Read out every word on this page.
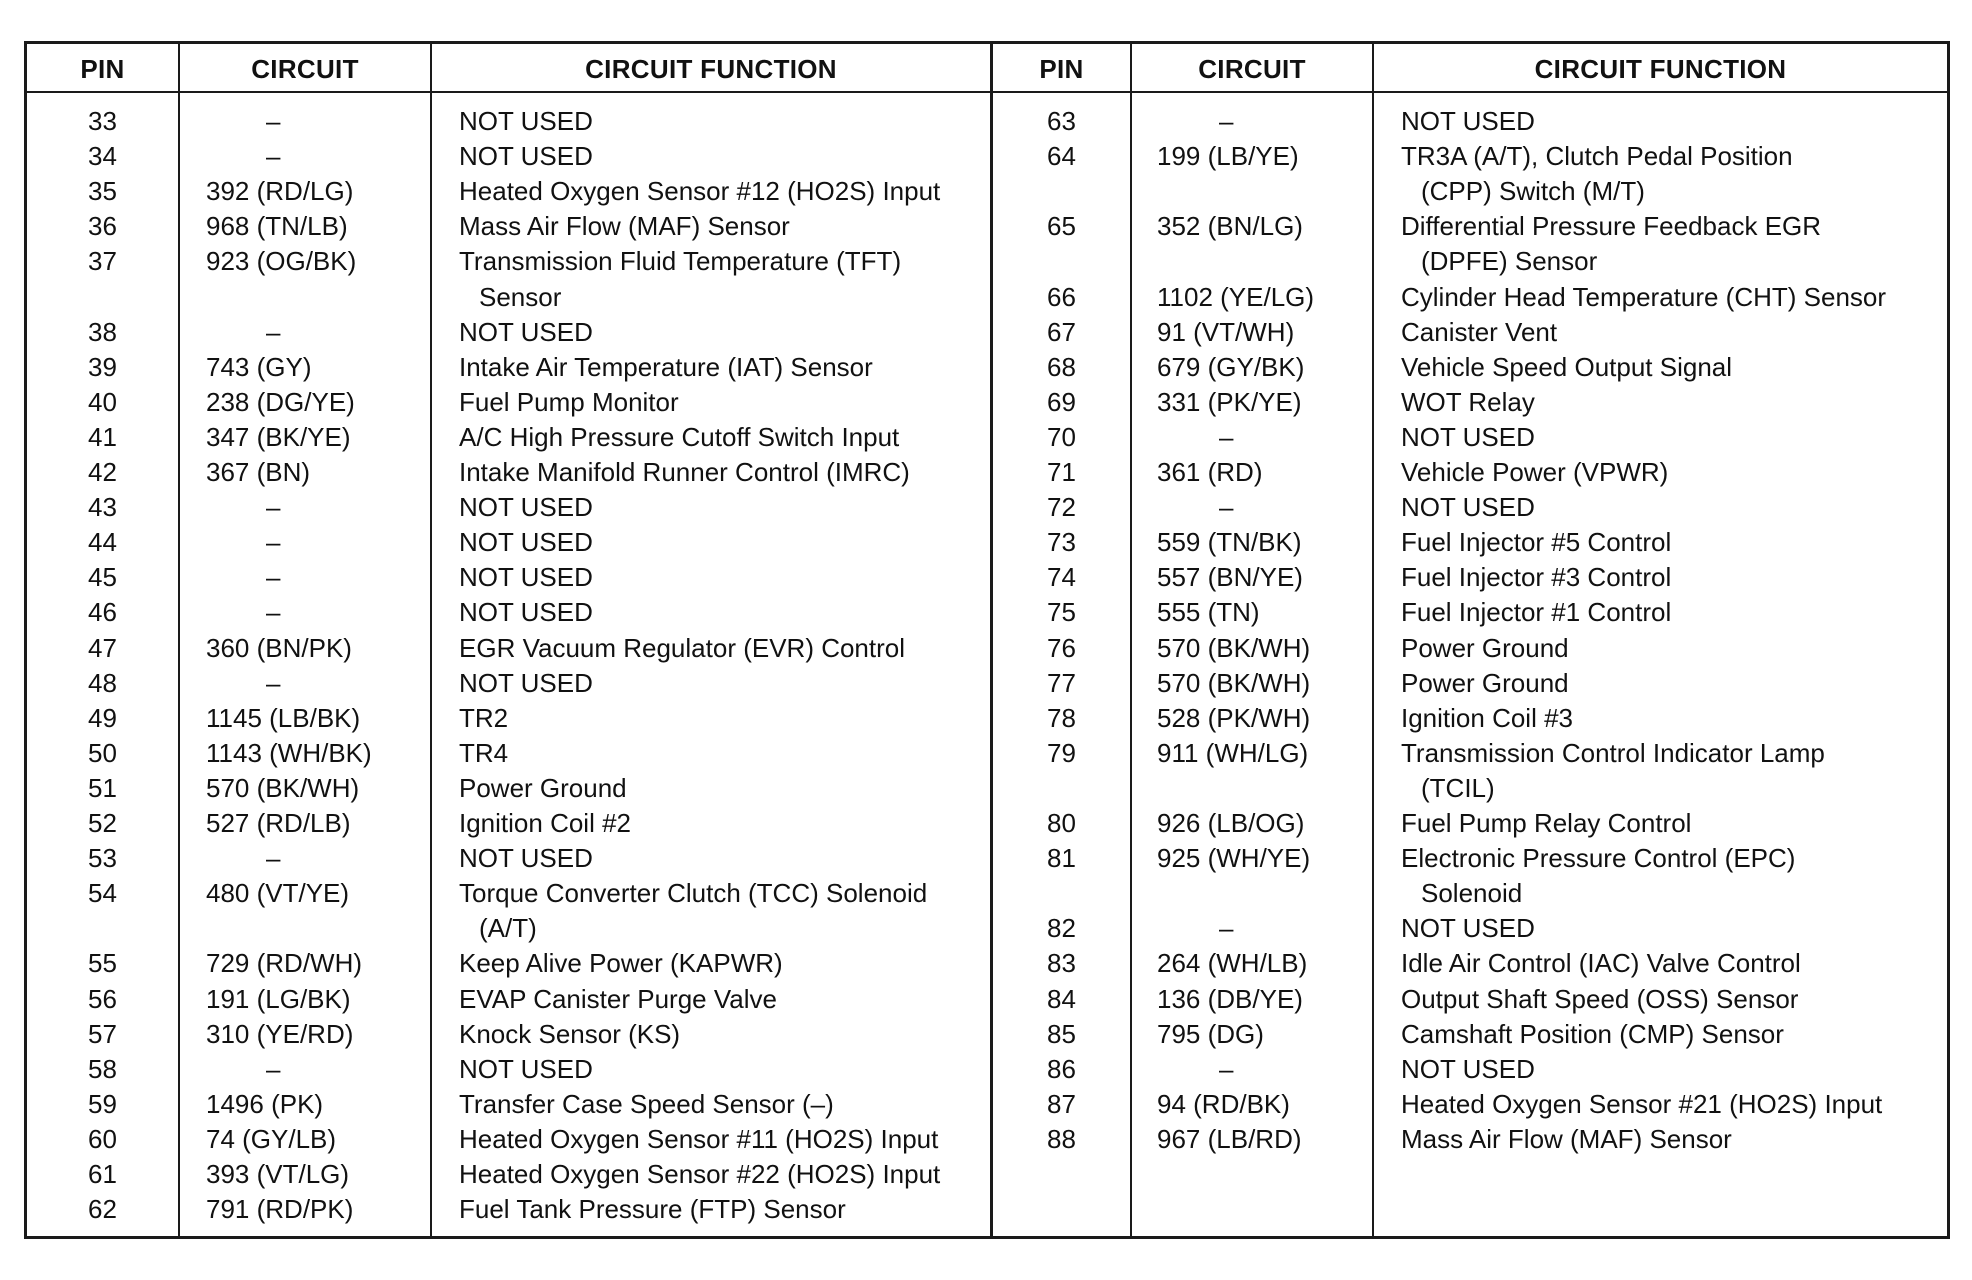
PIN	CIRCUIT	CIRCUIT FUNCTION	PIN	CIRCUIT	CIRCUIT FUNCTION
33	–	NOT USED
34	–	NOT USED
35	392 (RD/LG)	Heated Oxygen Sensor #12 (HO2S) Input
36	968 (TN/LB)	Mass Air Flow (MAF) Sensor
37	923 (OG/BK)	Transmission Fluid Temperature (TFT)
Sensor
38	–	NOT USED
39	743 (GY)	Intake Air Temperature (IAT) Sensor
40	238 (DG/YE)	Fuel Pump Monitor
41	347 (BK/YE)	A/C High Pressure Cutoff Switch Input
42	367 (BN)	Intake Manifold Runner Control (IMRC)
43	–	NOT USED
44	–	NOT USED
45	–	NOT USED
46	–	NOT USED
47	360 (BN/PK)	EGR Vacuum Regulator (EVR) Control
48	–	NOT USED
49	1145 (LB/BK)	TR2
50	1143 (WH/BK)	TR4
51	570 (BK/WH)	Power Ground
52	527 (RD/LB)	Ignition Coil #2
53	–	NOT USED
54	480 (VT/YE)	Torque Converter Clutch (TCC) Solenoid
(A/T)
55	729 (RD/WH)	Keep Alive Power (KAPWR)
56	191 (LG/BK)	EVAP Canister Purge Valve
57	310 (YE/RD)	Knock Sensor (KS)
58	–	NOT USED
59	1496 (PK)	Transfer Case Speed Sensor (–)
60	74 (GY/LB)	Heated Oxygen Sensor #11 (HO2S) Input
61	393 (VT/LG)	Heated Oxygen Sensor #22 (HO2S) Input
62	791 (RD/PK)	Fuel Tank Pressure (FTP) Sensor
63	–	NOT USED
64	199 (LB/YE)	TR3A (A/T), Clutch Pedal Position
(CPP) Switch (M/T)
65	352 (BN/LG)	Differential Pressure Feedback EGR
(DPFE) Sensor
66	1102 (YE/LG)	Cylinder Head Temperature (CHT) Sensor
67	91 (VT/WH)	Canister Vent
68	679 (GY/BK)	Vehicle Speed Output Signal
69	331 (PK/YE)	WOT Relay
70	–	NOT USED
71	361 (RD)	Vehicle Power (VPWR)
72	–	NOT USED
73	559 (TN/BK)	Fuel Injector #5 Control
74	557 (BN/YE)	Fuel Injector #3 Control
75	555 (TN)	Fuel Injector #1 Control
76	570 (BK/WH)	Power Ground
77	570 (BK/WH)	Power Ground
78	528 (PK/WH)	Ignition Coil #3
79	911 (WH/LG)	Transmission Control Indicator Lamp
(TCIL)
80	926 (LB/OG)	Fuel Pump Relay Control
81	925 (WH/YE)	Electronic Pressure Control (EPC)
Solenoid
82	–	NOT USED
83	264 (WH/LB)	Idle Air Control (IAC) Valve Control
84	136 (DB/YE)	Output Shaft Speed (OSS) Sensor
85	795 (DG)	Camshaft Position (CMP) Sensor
86	–	NOT USED
87	94 (RD/BK)	Heated Oxygen Sensor #21 (HO2S) Input
88	967 (LB/RD)	Mass Air Flow (MAF) Sensor
